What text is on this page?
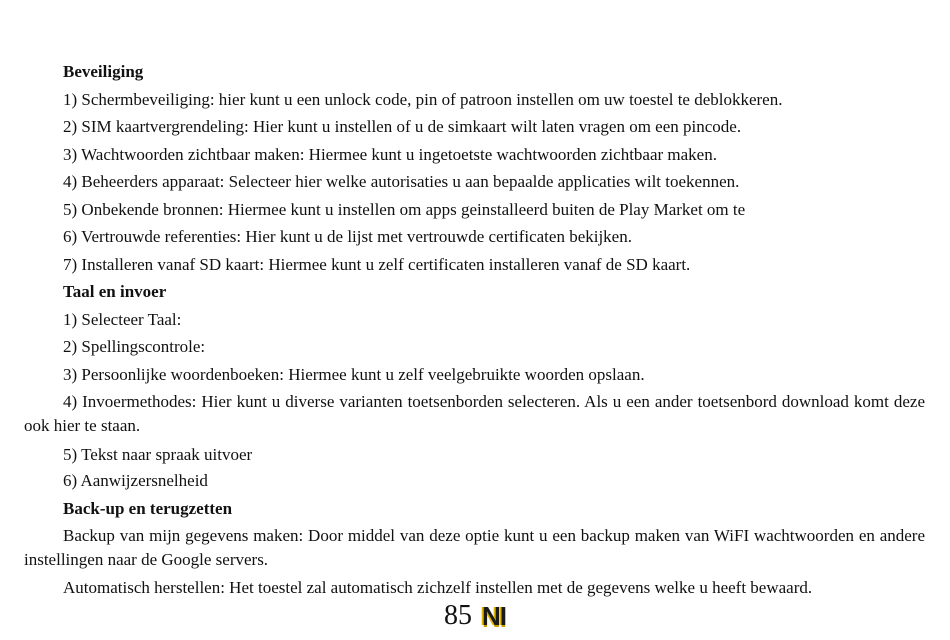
Beveiliging
1) Schermbeveiliging: hier kunt u een unlock code, pin of patroon instellen om uw toestel te deblokkeren.
2) SIM kaartvergrendeling: Hier kunt u instellen of u de simkaart wilt laten vragen om een pincode.
3) Wachtwoorden zichtbaar maken: Hiermee kunt u ingetoetste wachtwoorden zichtbaar maken.
4) Beheerders apparaat: Selecteer hier welke autorisaties u aan bepaalde applicaties wilt toekennen.
5) Onbekende bronnen: Hiermee kunt u instellen om apps geinstalleerd buiten de Play Market om te
6) Vertrouwde referenties: Hier kunt u de lijst met vertrouwde certificaten bekijken.
7) Installeren vanaf SD kaart: Hiermee kunt u zelf certificaten installeren vanaf de SD kaart.
Taal en invoer
1) Selecteer Taal:
2) Spellingscontrole:
3) Persoonlijke woordenboeken: Hiermee kunt u zelf veelgebruikte woorden opslaan.
4) Invoermethodes: Hier kunt u diverse varianten toetsenborden selecteren. Als u een ander toetsenbord download komt deze ook hier te staan.
5) Tekst naar spraak uitvoer
6) Aanwijzersnelheid
Back-up en terugzetten
Backup van mijn gegevens maken: Door middel van deze optie kunt u een backup maken van WiFI wachtwoorden en andere instellingen naar de Google servers.
Automatisch herstellen: Het toestel zal automatisch zichzelf instellen met de gegevens welke u heeft bewaard.
85 NI
